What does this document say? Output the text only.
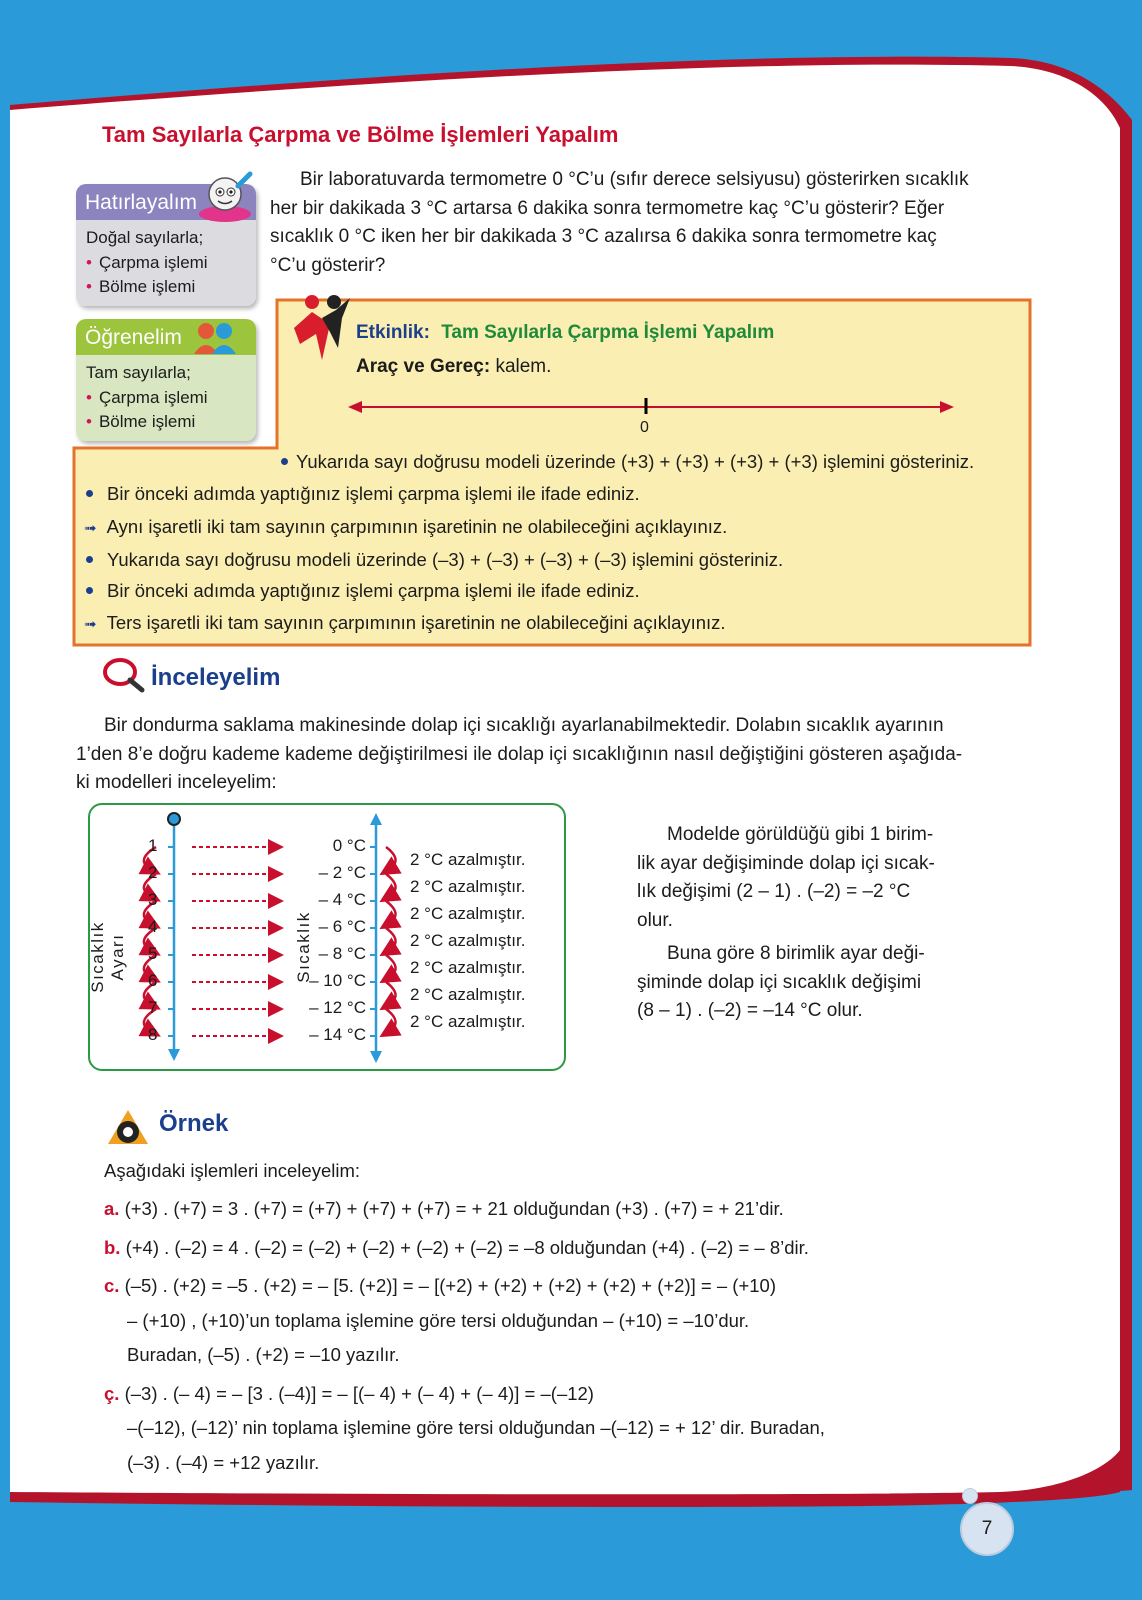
Tam Sayılarla Çarpma ve Bölme İşlemleri Yapalım
Hatırlayalım
Doğal sayılarla;
• Çarpma işlemi
• Bölme işlemi
Öğrenelim
Tam sayılarla;
• Çarpma işlemi
• Bölme işlemi
Bir laboratuvarda termometre 0 °C’u (sıfır derece selsiyusu) gösterirken sıcaklık
her bir dakikada 3 °C artarsa 6 dakika sonra termometre kaç °C’u gösterir? Eğer
sıcaklık 0 °C iken her bir dakikada 3 °C azalırsa 6 dakika sonra termometre kaç
°C’u gösterir?
Etkinlik: Tam Sayılarla Çarpma İşlemi Yapalım
Araç ve Gereç: kalem.
0
Yukarıda sayı doğrusu modeli üzerinde (+3) + (+3) + (+3) + (+3) işlemini gösteriniz.
Bir önceki adımda yaptığınız işlemi çarpma işlemi ile ifade ediniz.
➟ Aynı işaretli iki tam sayının çarpımının işaretinin ne olabileceğini açıklayınız.
Yukarıda sayı doğrusu modeli üzerinde (–3) + (–3) + (–3) + (–3) işlemini gösteriniz.
Bir önceki adımda yaptığınız işlemi çarpma işlemi ile ifade ediniz.
➟ Ters işaretli iki tam sayının çarpımının işaretinin ne olabileceğini açıklayınız.
İnceleyelim
Bir dondurma saklama makinesinde dolap içi sıcaklığı ayarlanabilmektedir. Dolabın sıcaklık ayarının
1’den 8’e doğru kademe kademe değiştirilmesi ile dolap içi sıcaklığının nasıl değiştiğini gösteren aşağıda-
ki modelleri inceleyelim:
Sıcaklık Ayarı	Sıcaklık
1
2
3
4
5
6
7
8
0 °C
– 2 °C
– 4 °C
– 6 °C
– 8 °C
– 10 °C
– 12 °C
– 14 °C
2 °C azalmıştır.
2 °C azalmıştır.
2 °C azalmıştır.
2 °C azalmıştır.
2 °C azalmıştır.
2 °C azalmıştır.
2 °C azalmıştır.
Modelde görüldüğü gibi 1 birim-
lik ayar değişiminde dolap içi sıcak-
lık değişimi (2 – 1) . (–2) = –2 °C
olur.
Buna göre 8 birimlik ayar deği-
şiminde dolap içi sıcaklık değişimi
(8 – 1) . (–2) = –14 °C olur.
Örnek
Aşağıdaki işlemleri inceleyelim:
a. (+3) . (+7) = 3 . (+7) = (+7) + (+7) + (+7) = + 21 olduğundan (+3) . (+7) = + 21’dir.
b. (+4) . (–2) = 4 . (–2) = (–2) + (–2) + (–2) + (–2) = –8 olduğundan (+4) . (–2) = – 8’dir.
c. (–5) . (+2) = –5 . (+2) = – [5. (+2)] = – [(+2) + (+2) + (+2) + (+2) + (+2)] = – (+10)
– (+10) , (+10)’un toplama işlemine göre tersi olduğundan – (+10) = –10’dur.
Buradan, (–5) . (+2) = –10 yazılır.
ç. (–3) . (– 4) = – [3 . (–4)] = – [(– 4) + (– 4) + (– 4)] = –(–12)
–(–12), (–12)’ nin toplama işlemine göre tersi olduğundan –(–12) = + 12’ dir. Buradan,
(–3) . (–4) = +12 yazılır.
7
